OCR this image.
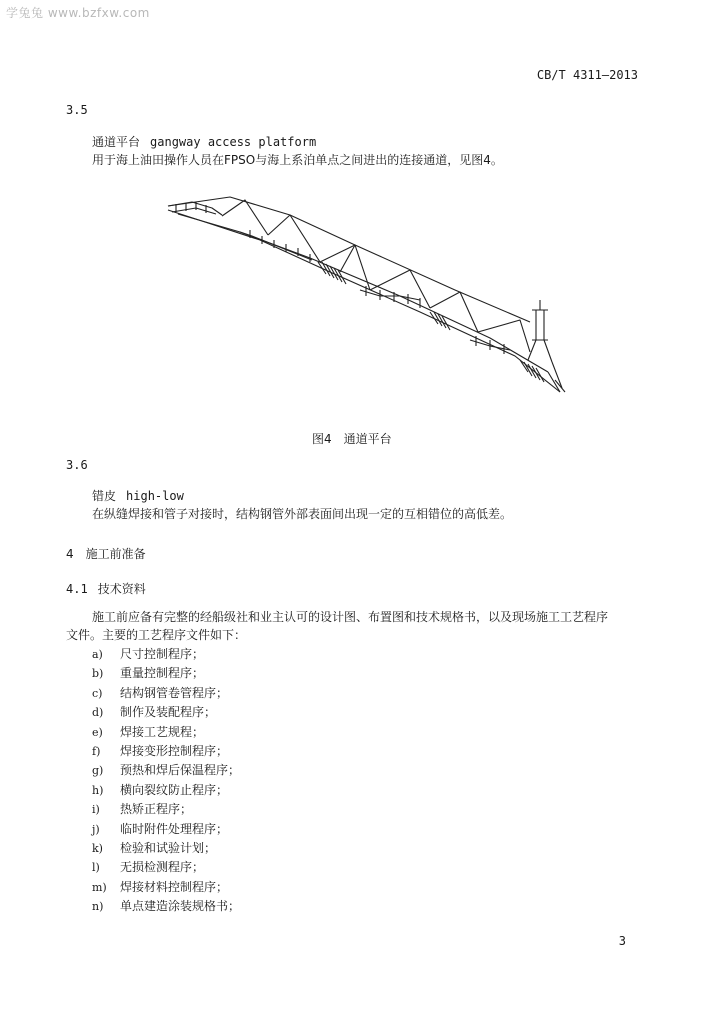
学兔兔 www.bzfxw.com
CB/T 4311—2013
3.5
通道平台 gangway access platform
用于海上油田操作人员在FPSO与海上系泊单点之间进出的连接通道，见图4。
图4　通道平台
3.6
错皮 high-low
在纵缝焊接和管子对接时，结构钢管外部表面间出现一定的互相错位的高低差。
4 施工前准备
4.1 技术资料
施工前应备有完整的经船级社和业主认可的设计图、布置图和技术规格书，以及现场施工工艺程序
文件。主要的工艺程序文件如下：
a) 尺寸控制程序；
b) 重量控制程序；
c) 结构钢管卷管程序；
d) 制作及装配程序；
e) 焊接工艺规程；
f) 焊接变形控制程序；
g) 预热和焊后保温程序；
h) 横向裂纹防止程序；
i) 热矫正程序；
j) 临时附件处理程序；
k) 检验和试验计划；
l) 无损检测程序；
m) 焊接材料控制程序；
n) 单点建造涂装规格书；
3
